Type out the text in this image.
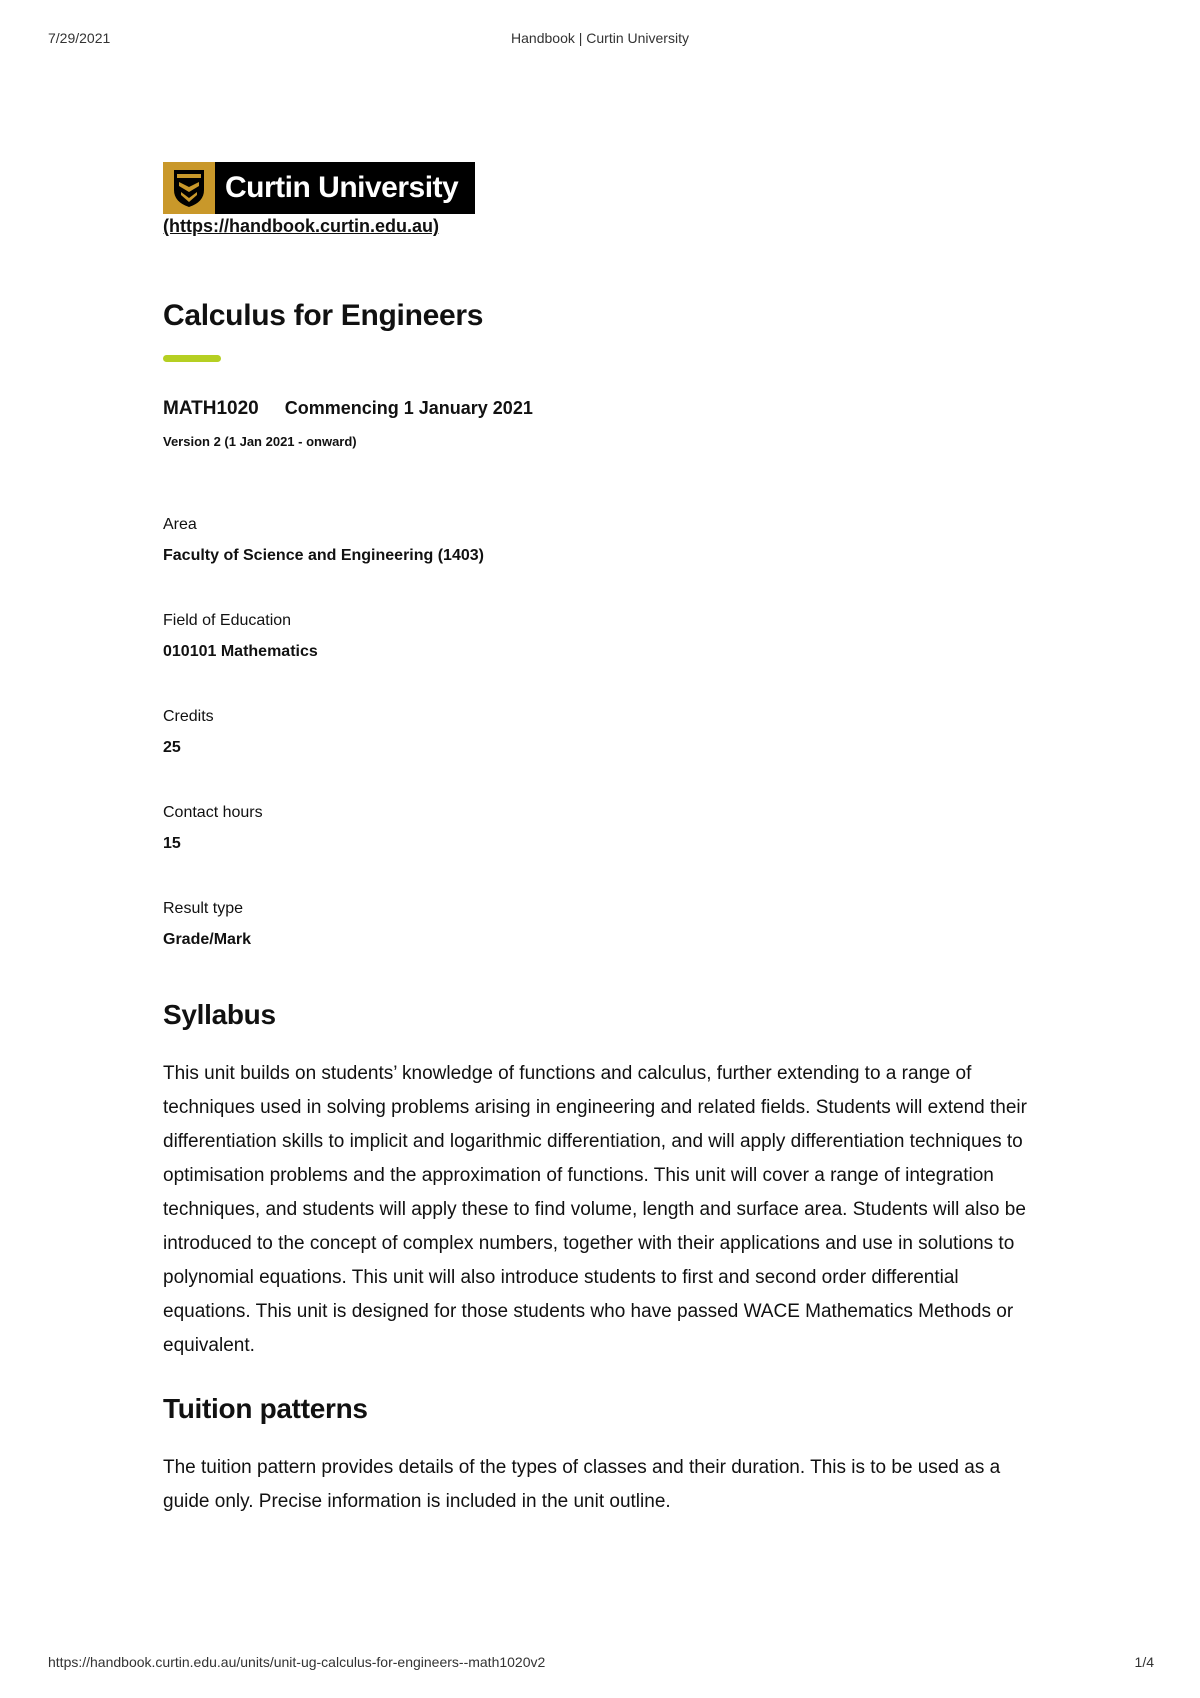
7/29/2021	Handbook | Curtin University
Curtin University
(https://handbook.curtin.edu.au)
Calculus for Engineers
MATH1020 Commencing 1 January 2021
Version 2 (1 Jan 2021 - onward)
Area
Faculty of Science and Engineering (1403)
Field of Education
010101 Mathematics
Credits
25
Contact hours
15
Result type
Grade/Mark
Syllabus

This unit builds on students’ knowledge of functions and calculus, further extending to a range of techniques used in solving problems arising in engineering and related fields. Students will extend their differentiation skills to implicit and logarithmic differentiation, and will apply differentiation techniques to optimisation problems and the approximation of functions. This unit will cover a range of integration techniques, and students will apply these to find volume, length and surface area. Students will also be introduced to the concept of complex numbers, together with their applications and use in solutions to polynomial equations. This unit will also introduce students to first and second order differential equations. This unit is designed for those students who have passed WACE Mathematics Methods or equivalent.

Tuition patterns

The tuition pattern provides details of the types of classes and their duration. This is to be used as a guide only. Precise information is included in the unit outline.

https://handbook.curtin.edu.au/units/unit-ug-calculus-for-engineers--math1020v2	1/4
